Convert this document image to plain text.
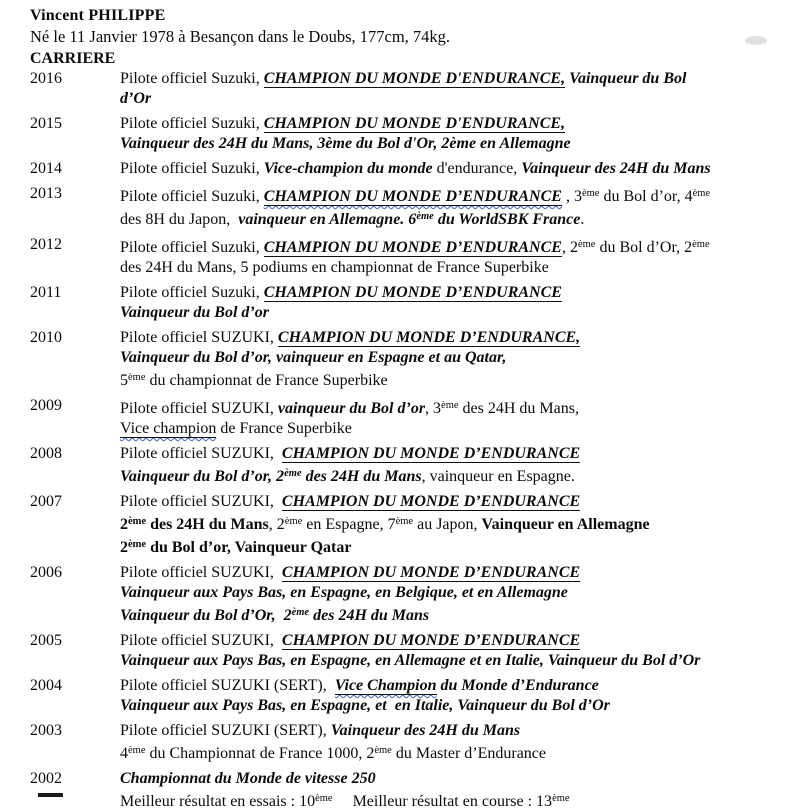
Vincent PHILIPPE
Né le 11 Janvier 1978 à Besançon dans le Doubs, 177cm, 74kg.
CARRIERE
2016	Pilote officiel Suzuki, CHAMPION DU MONDE D'ENDURANCE, Vainqueur du Bol
d’Or
2015	Pilote officiel Suzuki, CHAMPION DU MONDE D'ENDURANCE,
Vainqueur des 24H du Mans, 3ème du Bol d'Or, 2ème en Allemagne
2014	Pilote officiel Suzuki, Vice-champion du monde d'endurance, Vainqueur des 24H du Mans
2013	Pilote officiel Suzuki, CHAMPION DU MONDE D’ENDURANCE , 3ème du Bol d’or, 4ème
des 8H du Japon,  vainqueur en Allemagne. 6ème du WorldSBK France.
2012	Pilote officiel Suzuki, CHAMPION DU MONDE D’ENDURANCE, 2ème du Bol d’Or, 2ème
des 24H du Mans, 5 podiums en championnat de France Superbike
2011	Pilote officiel Suzuki, CHAMPION DU MONDE D’ENDURANCE
Vainqueur du Bol d’or
2010	Pilote officiel SUZUKI, CHAMPION DU MONDE D’ENDURANCE,
Vainqueur du Bol d’or, vainqueur en Espagne et au Qatar,
5ème du championnat de France Superbike
2009	Pilote officiel SUZUKI, vainqueur du Bol d’or, 3ème des 24H du Mans,
Vice champion de France Superbike
2008	Pilote officiel SUZUKI,  CHAMPION DU MONDE D’ENDURANCE
Vainqueur du Bol d’or, 2ème des 24H du Mans, vainqueur en Espagne.
2007	Pilote officiel SUZUKI,  CHAMPION DU MONDE D’ENDURANCE
2ème des 24H du Mans, 2ème en Espagne, 7ème au Japon, Vainqueur en Allemagne
2ème du Bol d’or, Vainqueur Qatar
2006	Pilote officiel SUZUKI,  CHAMPION DU MONDE D’ENDURANCE
Vainqueur aux Pays Bas, en Espagne, en Belgique, et en Allemagne
Vainqueur du Bol d’Or,  2ème des 24H du Mans
2005	Pilote officiel SUZUKI,  CHAMPION DU MONDE D’ENDURANCE
Vainqueur aux Pays Bas, en Espagne, en Allemagne et en Italie, Vainqueur du Bol d’Or
2004	Pilote officiel SUZUKI (SERT),  Vice Champion du Monde d’Endurance
Vainqueur aux Pays Bas, en Espagne, et  en Italie, Vainqueur du Bol d’Or
2003	Pilote officiel SUZUKI (SERT), Vainqueur des 24H du Mans
4ème du Championnat de France 1000, 2ème du Master d’Endurance
2002	Championnat du Monde de vitesse 250
Meilleur résultat en essais : 10ème     Meilleur résultat en course : 13ème
